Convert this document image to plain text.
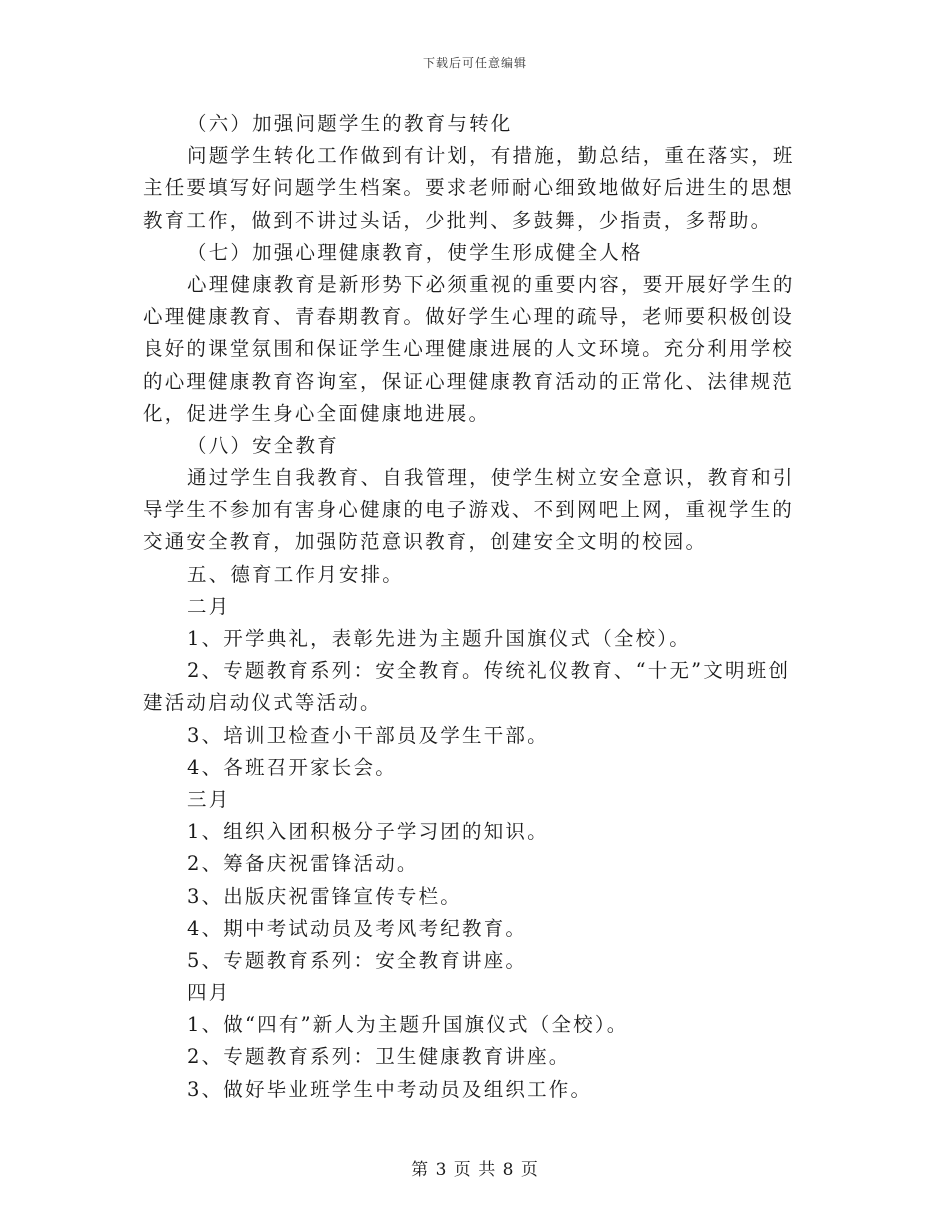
下载后可任意编辑
（六）加强问题学生的教育与转化
问题学生转化工作做到有计划，有措施，勤总结，重在落实，班
主任要填写好问题学生档案。要求老师耐心细致地做好后进生的思想
教育工作，做到不讲过头话，少批判、多鼓舞，少指责，多帮助。
（七）加强心理健康教育，使学生形成健全人格
心理健康教育是新形势下必须重视的重要内容，要开展好学生的
心理健康教育、青春期教育。做好学生心理的疏导，老师要积极创设
良好的课堂氛围和保证学生心理健康进展的人文环境。充分利用学校
的心理健康教育咨询室，保证心理健康教育活动的正常化、法律规范
化，促进学生身心全面健康地进展。
（八）安全教育
通过学生自我教育、自我管理，使学生树立安全意识，教育和引
导学生不参加有害身心健康的电子游戏、不到网吧上网，重视学生的
交通安全教育，加强防范意识教育，创建安全文明的校园。
五、德育工作月安排。
二月
1、开学典礼，表彰先进为主题升国旗仪式（全校）。
2、专题教育系列：安全教育。传统礼仪教育、“十无”文明班创
建活动启动仪式等活动。
3、培训卫检查小干部员及学生干部。
4、各班召开家长会。
三月
1、组织入团积极分子学习团的知识。
2、筹备庆祝雷锋活动。
3、出版庆祝雷锋宣传专栏。
4、期中考试动员及考风考纪教育。
5、专题教育系列：安全教育讲座。
四月
1、做“四有”新人为主题升国旗仪式（全校）。
2、专题教育系列：卫生健康教育讲座。
3、做好毕业班学生中考动员及组织工作。
第 3 页 共 8 页
